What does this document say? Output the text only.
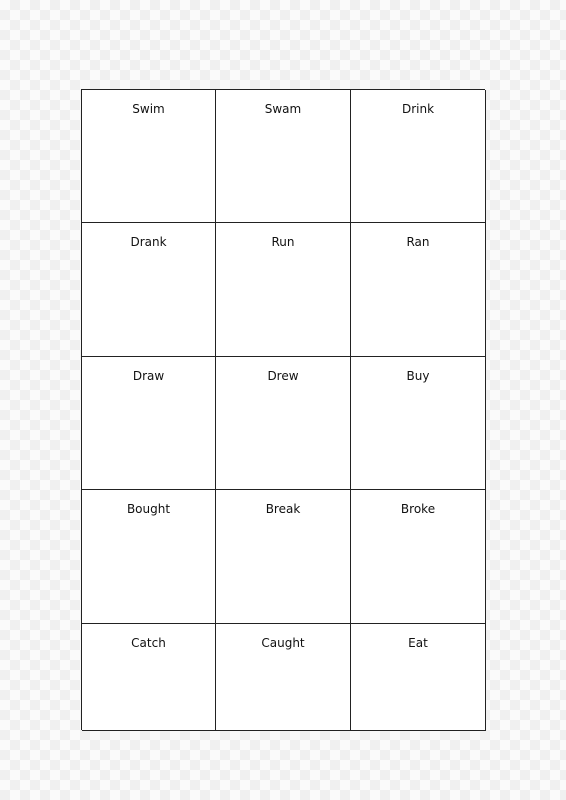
Swim	Swam	Drink
Drank	Run	Ran
Draw	Drew	Buy
Bought	Break	Broke
Catch	Caught	Eat
